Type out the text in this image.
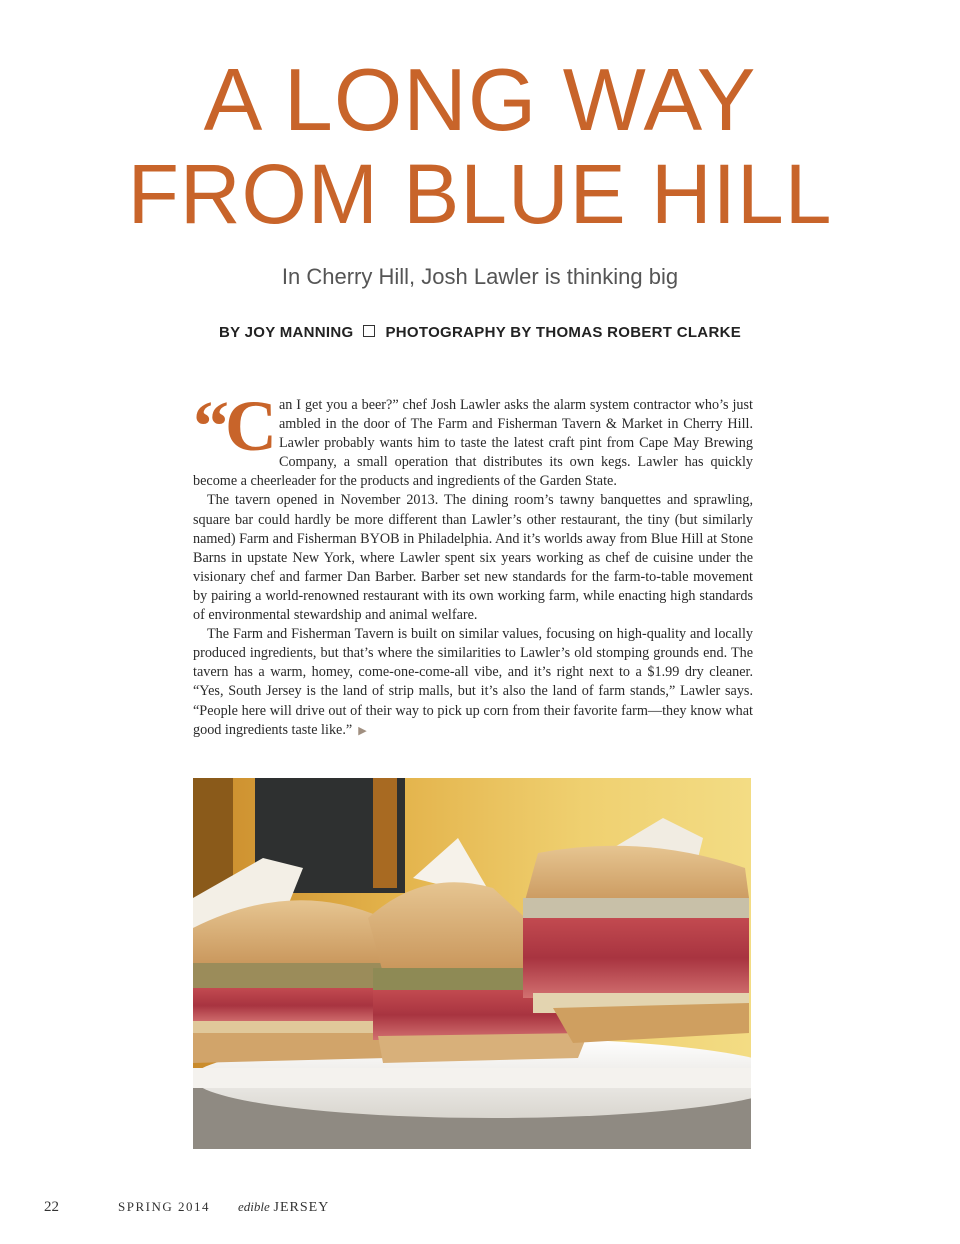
A LONG WAY
FROM BLUE HILL
In Cherry Hill, Josh Lawler is thinking big
BY JOY MANNING PHOTOGRAPHY BY THOMAS ROBERT CLARKE

“Can I get you a beer?” chef Josh Lawler asks the alarm system contractor who’s just ambled in the door of The Farm and Fisherman Tavern & Market in Cherry Hill. Lawler probably wants him to taste the latest craft pint from Cape May Brewing Company, a small operation that distributes its own kegs. Lawler has quickly become a cheerleader for the products and ingredients of the Garden State.

The tavern opened in November 2013. The dining room’s tawny banquettes and sprawling, square bar could hardly be more different than Lawler’s other restaurant, the tiny (but similarly named) Farm and Fisherman BYOB in Philadelphia. And it’s worlds away from Blue Hill at Stone Barns in upstate New York, where Lawler spent six years working as chef de cuisine under the visionary chef and farmer Dan Barber. Barber set new standards for the farm-to-table movement by pairing a world-renowned restaurant with its own working farm, while enacting high standards of environmental stewardship and animal welfare.

The Farm and Fisherman Tavern is built on similar values, focusing on high-quality and locally produced ingredients, but that’s where the similarities to Lawler’s old stomping grounds end. The tavern has a warm, homey, come-one-come-all vibe, and it’s right next to a $1.99 dry cleaner. “Yes, South Jersey is the land of strip malls, but it’s also the land of farm stands,” Lawler says. “People here will drive out of their way to pick up corn from their favorite farm—they know what good ingredients taste like.” ▶

22	SPRING 2014 edible JERSEY
